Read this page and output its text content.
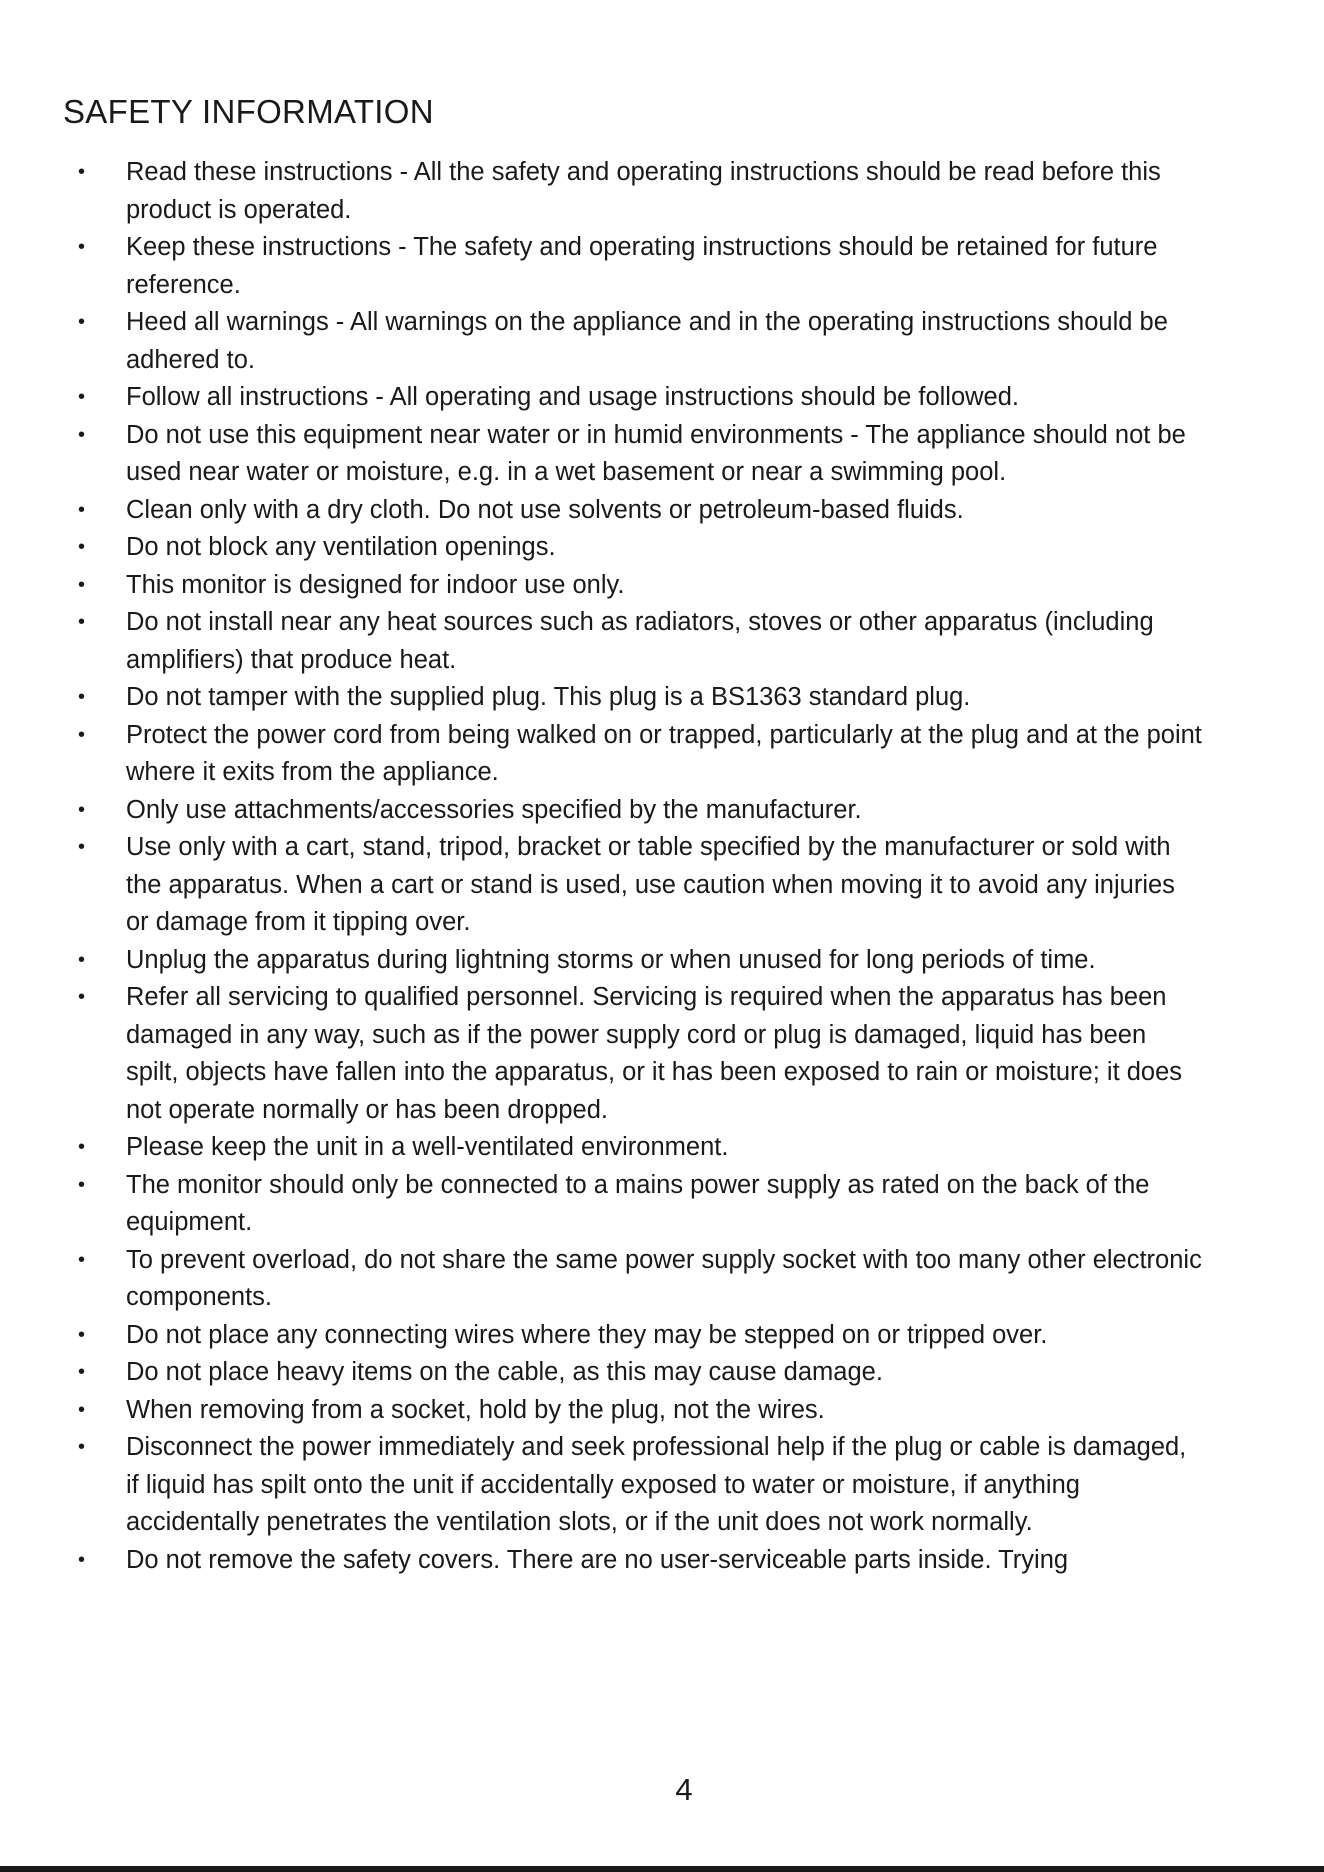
SAFETY INFORMATION
• Read these instructions - All the safety and operating instructions should be read before this product is operated.
• Keep these instructions - The safety and operating instructions should be retained for future reference.
• Heed all warnings - All warnings on the appliance and in the operating instructions should be adhered to.
• Follow all instructions - All operating and usage instructions should be followed.
• Do not use this equipment near water or in humid environments - The appliance should not be used near water or moisture, e.g. in a wet basement or near a swimming pool.
• Clean only with a dry cloth. Do not use solvents or petroleum-based fluids.
• Do not block any ventilation openings.
• This monitor is designed for indoor use only.
• Do not install near any heat sources such as radiators, stoves or other apparatus (including amplifiers) that produce heat.
• Do not tamper with the supplied plug. This plug is a BS1363 standard plug.
• Protect the power cord from being walked on or trapped, particularly at the plug and at the point where it exits from the appliance.
• Only use attachments/accessories specified by the manufacturer.
• Use only with a cart, stand, tripod, bracket or table specified by the manufacturer or sold with the apparatus. When a cart or stand is used, use caution when moving it to avoid any injuries or damage from it tipping over.
• Unplug the apparatus during lightning storms or when unused for long periods of time.
• Refer all servicing to qualified personnel. Servicing is required when the apparatus has been damaged in any way, such as if the power supply cord or plug is damaged, liquid has been spilt, objects have fallen into the apparatus, or it has been exposed to rain or moisture; it does not operate normally or has been dropped.
• Please keep the unit in a well-ventilated environment.
• The monitor should only be connected to a mains power supply as rated on the back of the equipment.
• To prevent overload, do not share the same power supply socket with too many other electronic components.
• Do not place any connecting wires where they may be stepped on or tripped over.
• Do not place heavy items on the cable, as this may cause damage.
• When removing from a socket, hold by the plug, not the wires.
• Disconnect the power immediately and seek professional help if the plug or cable is damaged, if liquid has spilt onto the unit if accidentally exposed to water or moisture, if anything accidentally penetrates the ventilation slots, or if the unit does not work normally.
• Do not remove the safety covers. There are no user-serviceable parts inside. Trying
4
